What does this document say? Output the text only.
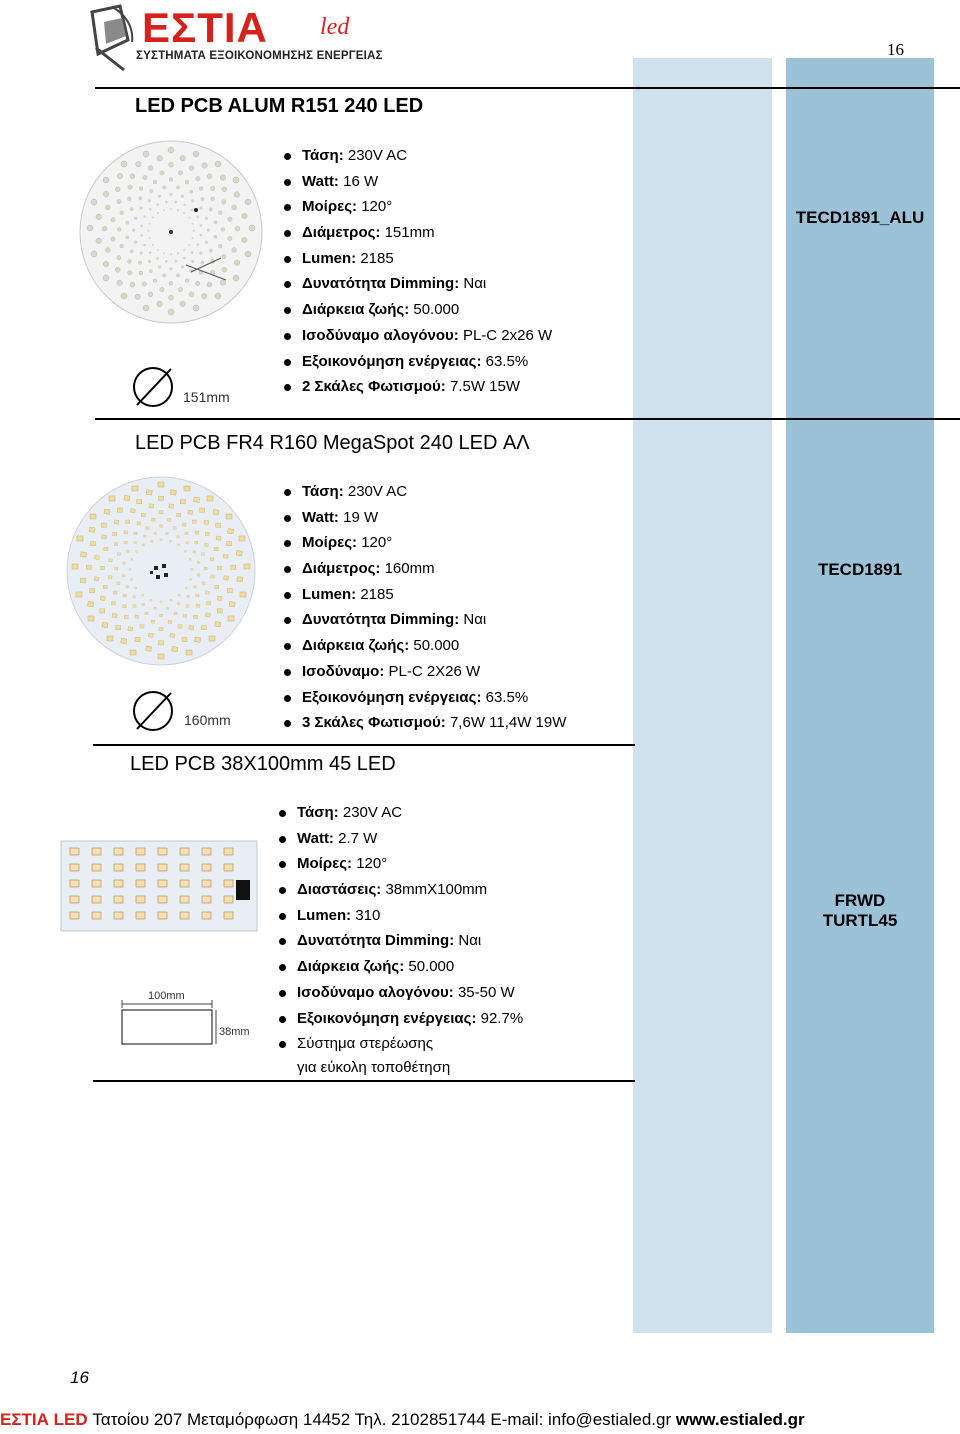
ΕΣΤΙΑ led
ΣΥΣΤΗΜΑΤΑ ΕΞΟΙΚΟΝΟΜΗΣΗΣ ΕΝΕΡΓΕΙΑΣ	16
LED PCB ALUM R151 240 LED
151mm
Τάση: 230V AC
Watt: 16 W
Μοίρες: 120°
Διάμετρος: 151mm
Lumen: 2185
Δυνατότητα Dimming: Ναι
Διάρκεια ζωής: 50.000
Ισοδύναμο αλογόνου: PL-C 2x26 W
Εξοικονόμηση ενέργειας: 63.5%
2 Σκάλες Φωτισμού: 7.5W 15W
TECD1891_ALU
LED PCB FR4 R160 MegaSpot 240 LED ΑΛ
160mm
Τάση: 230V AC
Watt: 19 W
Μοίρες: 120°
Διάμετρος: 160mm
Lumen: 2185
Δυνατότητα Dimming: Ναι
Διάρκεια ζωής: 50.000
Ισοδύναμο: PL-C 2X26 W
Εξοικονόμηση ενέργειας: 63.5%
3 Σκάλες Φωτισμού: 7,6W 11,4W 19W
TECD1891
LED PCB 38X100mm 45 LED
100mm
38mm
Τάση: 230V AC
Watt: 2.7 W
Μοίρες: 120°
Διαστάσεις: 38mmX100mm
Lumen: 310
Δυνατότητα Dimming: Ναι
Διάρκεια ζωής: 50.000
Ισοδύναμο αλογόνου: 35-50 W
Εξοικονόμηση ενέργειας: 92.7%
Σύστημα στερέωσης
για εύκολη τοποθέτηση
FRWD
TURTL45
16
ΕΣΤΙΑ LED Τατοίου 207 Μεταμόρφωση 14452 Τηλ. 2102851744 E-mail: info@estialed.gr www.estialed.gr
